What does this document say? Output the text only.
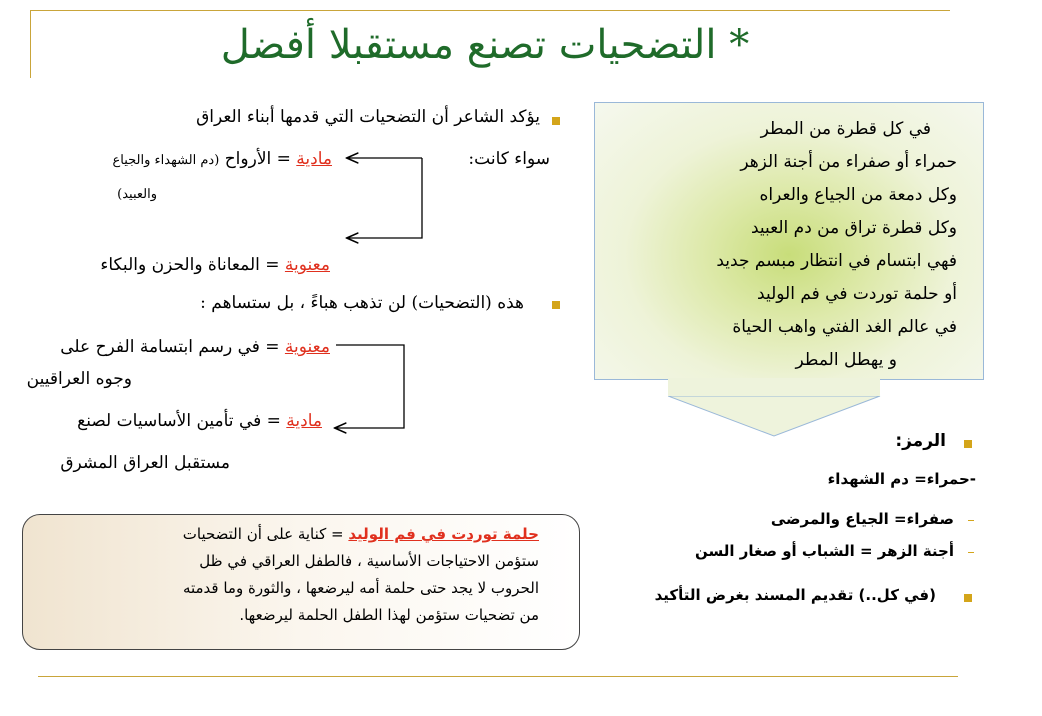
* التضحيات تصنع مستقبلا أفضل
يؤكد الشاعر أن التضحيات التي قدمها أبناء العراق
سواء كانت:
مادية = الأرواح (دم الشهداء والجياع
والعبيد)
معنوية = المعاناة والحزن والبكاء
هذه (التضحيات) لن تذهب هباءً ، بل ستساهم :
معنوية = في رسم ابتسامة الفرح على
وجوه العراقيين
مادية = في تأمين الأساسيات لصنع
مستقبل العراق المشرق
في كل قطرة من المطر
حمراء أو صفراء من أجنة الزهر
وكل دمعة من الجياع والعراه
وكل قطرة تراق من دم العبيد
فهي ابتسام في انتظار مبسم جديد
أو حلمة توردت في فم الوليد
في عالم الغد الفتي واهب الحياة
و يهطل المطر
الرمز:
-حمراء= دم الشهداء
صفراء= الجياع والمرضى
أجنة الزهر = الشباب أو صغار السن
(في كل..) تقديم المسند بغرض التأكيد
حلمة توردت في فم الوليد = كناية على أن التضحيات
ستؤمن الاحتياجات الأساسية ، فالطفل العراقي في ظل
الحروب لا يجد حتى حلمة أمه ليرضعها ، والثورة وما قدمته
من تضحيات ستؤمن لهذا الطفل الحلمة ليرضعها.
